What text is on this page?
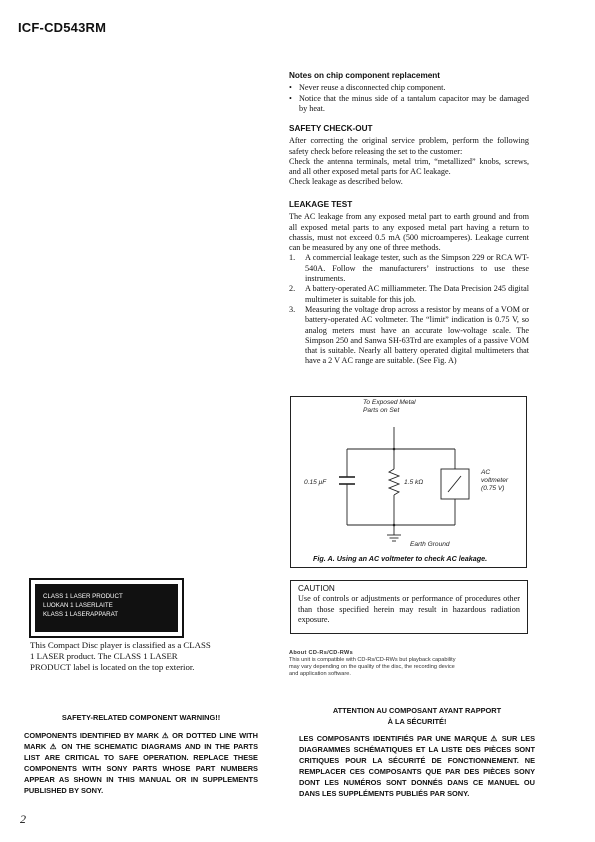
ICF-CD543RM
Notes on chip component replacement
• Never reuse a disconnected chip component.
• Notice that the minus side of a tantalum capacitor may be damaged by heat.
SAFETY CHECK-OUT

After correcting the original service problem, perform the following safety check before releasing the set to the customer:

Check the antenna terminals, metal trim, “metallized” knobs, screws, and all other exposed metal parts for AC leakage.

Check leakage as described below.

LEAKAGE TEST

The AC leakage from any exposed metal part to earth ground and from all exposed metal parts to any exposed metal part having a return to chassis, must not exceed 0.5 mA (500 microamperes). Leakage current can be measured by any one of three methods.

1. A commercial leakage tester, such as the Simpson 229 or RCA WT-540A. Follow the manufacturers’ instructions to use these instruments.
2. A battery-operated AC milliammeter. The Data Precision 245 digital multimeter is suitable for this job.
3. Measuring the voltage drop across a resistor by means of a VOM or battery-operated AC voltmeter. The “limit” indication is 0.75 V, so analog meters must have an accurate low-voltage scale. The Simpson 250 and Sanwa SH-63Trd are examples of a passive VOM that is suitable. Nearly all battery operated digital multimeters that have a 2 V AC range are suitable. (See Fig. A)
To Exposed Metal
Parts on Set
0.15 μF	1.5 kΩ
AC
voltmeter
(0.75 V)
Earth Ground
Fig. A. Using an AC voltmeter to check AC leakage.
CAUTION
Use of controls or adjustments or performance of procedures other than those specified herein may result in hazardous radiation exposure.
CLASS 1 LASER PRODUCT
LUOKAN 1 LASERLAITE
KLASS 1 LASERAPPARAT
This Compact Disc player is classified as a CLASS 1 LASER product. The CLASS 1 LASER PRODUCT label is located on the top exterior.
About CD-Rs/CD-RWs
This unit is compatible with CD-Rs/CD-RWs but playback capability may vary depending on the quality of the disc, the recording device and application software.
SAFETY-RELATED COMPONENT WARNING!!
COMPONENTS IDENTIFIED BY MARK ⚠ OR DOTTED LINE WITH MARK ⚠ ON THE SCHEMATIC DIAGRAMS AND IN THE PARTS LIST ARE CRITICAL TO SAFE OPERATION. REPLACE THESE COMPONENTS WITH SONY PARTS WHOSE PART NUMBERS APPEAR AS SHOWN IN THIS MANUAL OR IN SUPPLEMENTS PUBLISHED BY SONY.
ATTENTION AU COMPOSANT AYANT RAPPORT
À LA SÉCURITÉ!
LES COMPOSANTS IDENTIFIÉS PAR UNE MARQUE ⚠ SUR LES DIAGRAMMES SCHÉMATIQUES ET LA LISTE DES PIÈCES SONT CRITIQUES POUR LA SÉCURITÉ DE FONCTIONNEMENT. NE REMPLACER CES COMPOSANTS QUE PAR DES PIÈCES SONY DONT LES NUMÉROS SONT DONNÉS DANS CE MANUEL OU DANS LES SUPPLÉMENTS PUBLIÉS PAR SONY.
2
